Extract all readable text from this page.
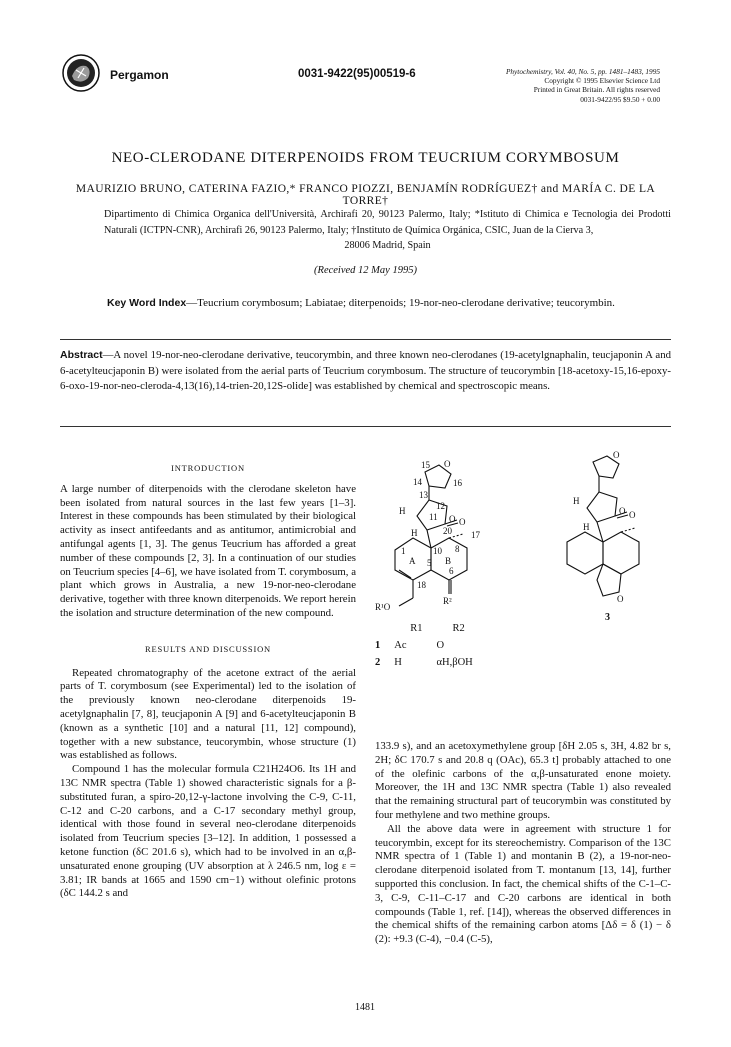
Pergamon	0031-9422(95)00519-6	Phytochemistry, Vol. 40, No. 5, pp. 1481–1483, 1995
Copyright © 1995 Elsevier Science Ltd
Printed in Great Britain. All rights reserved
0031-9422/95 $9.50 + 0.00
NEO-CLERODANE DITERPENOIDS FROM TEUCRIUM CORYMBOSUM
MAURIZIO BRUNO, CATERINA FAZIO,* FRANCO PIOZZI, BENJAMÍN RODRÍGUEZ† and MARÍA C. DE LA TORRE†
Dipartimento di Chimica Organica dell'Università, Archirafi 20, 90123 Palermo, Italy; *Istituto di Chimica e Tecnologia dei Prodotti Naturali (ICTPN-CNR), Archirafi 26, 90123 Palermo, Italy; †Instituto de Química Orgánica, CSIC, Juan de la Cierva 3,
28006 Madrid, Spain
(Received 12 May 1995)
Key Word Index—Teucrium corymbosum; Labiatae; diterpenoids; 19-nor-neo-clerodane derivative; teucorymbin.
Abstract—A novel 19-nor-neo-clerodane derivative, teucorymbin, and three known neo-clerodanes (19-acetylgnaphalin, teucjaponin A and 6-acetylteucjaponin B) were isolated from the aerial parts of Teucrium corymbosum. The structure of teucorymbin [18-acetoxy-15,16-epoxy-6-oxo-19-nor-neo-cleroda-4,13(16),14-trien-20,12S-olide] was established by chemical and spectroscopic means.
INTRODUCTION

A large number of diterpenoids with the clerodane skeleton have been isolated from natural sources in the last few years [1–3]. Interest in these compounds has been stimulated by their biological activity as insect antifeedants and as antitumor, antimicrobial and antifungal agents [1, 3]. The genus Teucrium has afforded a great number of these compounds [2, 3]. In a continuation of our studies on Teucrium species [4–6], we have isolated from T. corymbosum, a plant which grows in Australia, a new 19-nor-neo-clerodane derivative, together with three known diterpenoids. We report herein the isolation and structure determination of the new compound.

RESULTS AND DISCUSSION

Repeated chromatography of the acetone extract of the aerial parts of T. corymbosum (see Experimental) led to the isolation of the previously known neo-clerodane diterpenoids 19-acetylgnaphalin [7, 8], teucjaponin A [9] and 6-acetylteucjaponin B (known as a synthetic [10] and a natural [11, 12] compound), together with a new substance, teucorymbin, whose structure (1) was established as follows.

Compound 1 has the molecular formula C21H24O6. Its 1H and 13C NMR spectra (Table 1) showed characteristic signals for a β-substituted furan, a spiro-20,12-γ-lactone involving the C-9, C-11, C-12 and C-20 carbons, and a C-17 secondary methyl group, identical with those found in several neo-clerodane diterpenoids isolated from Teucrium species [3–12]. In addition, 1 possessed a ketone function (δC 201.6 s), which had to be involved in an α,β-unsaturated enone grouping (UV absorption at λ 246.5 nm, log ε = 3.81; IR bands at 1665 and 1590 cm−1) without olefinic protons (δC 144.2 s and

133.9 s), and an acetoxymethylene group [δH 2.05 s, 3H, 4.82 br s, 2H; δC 170.7 s and 20.8 q (OAc), 65.3 t] probably attached to one of the olefinic carbons of the α,β-unsaturated enone moiety. Moreover, the 1H and 13C NMR spectra (Table 1) also revealed that the remaining structural part of teucorymbin was constituted by four methylene and two methine groups.

All the above data were in agreement with structure 1 for teucorymbin, except for its stereochemistry. Comparison of the 13C NMR spectra of 1 (Table 1) and montanin B (2), a 19-nor-neo-clerodane diterpenoid isolated from T. montanum [13, 14], further supported this conclusion. In fact, the chemical shifts of the C-1–C-3, C-9, C-11–C-17 and C-20 carbons are identical in both compounds (Table 1, ref. [14]), whereas the observed differences in the chemical shifts of the remaining carbon atoms [Δδ = δ (1) − δ (2): +9.3 (C-4), −0.4 (C-5),

15 O
14	16
13
12
H
O
11
20
O
17
H
1	10 8
A	B
5
6
18
R¹O
R²
O
H
O O
H
O
3
	R1	R2
1	Ac	O
2	H	αH,βOH
1481
